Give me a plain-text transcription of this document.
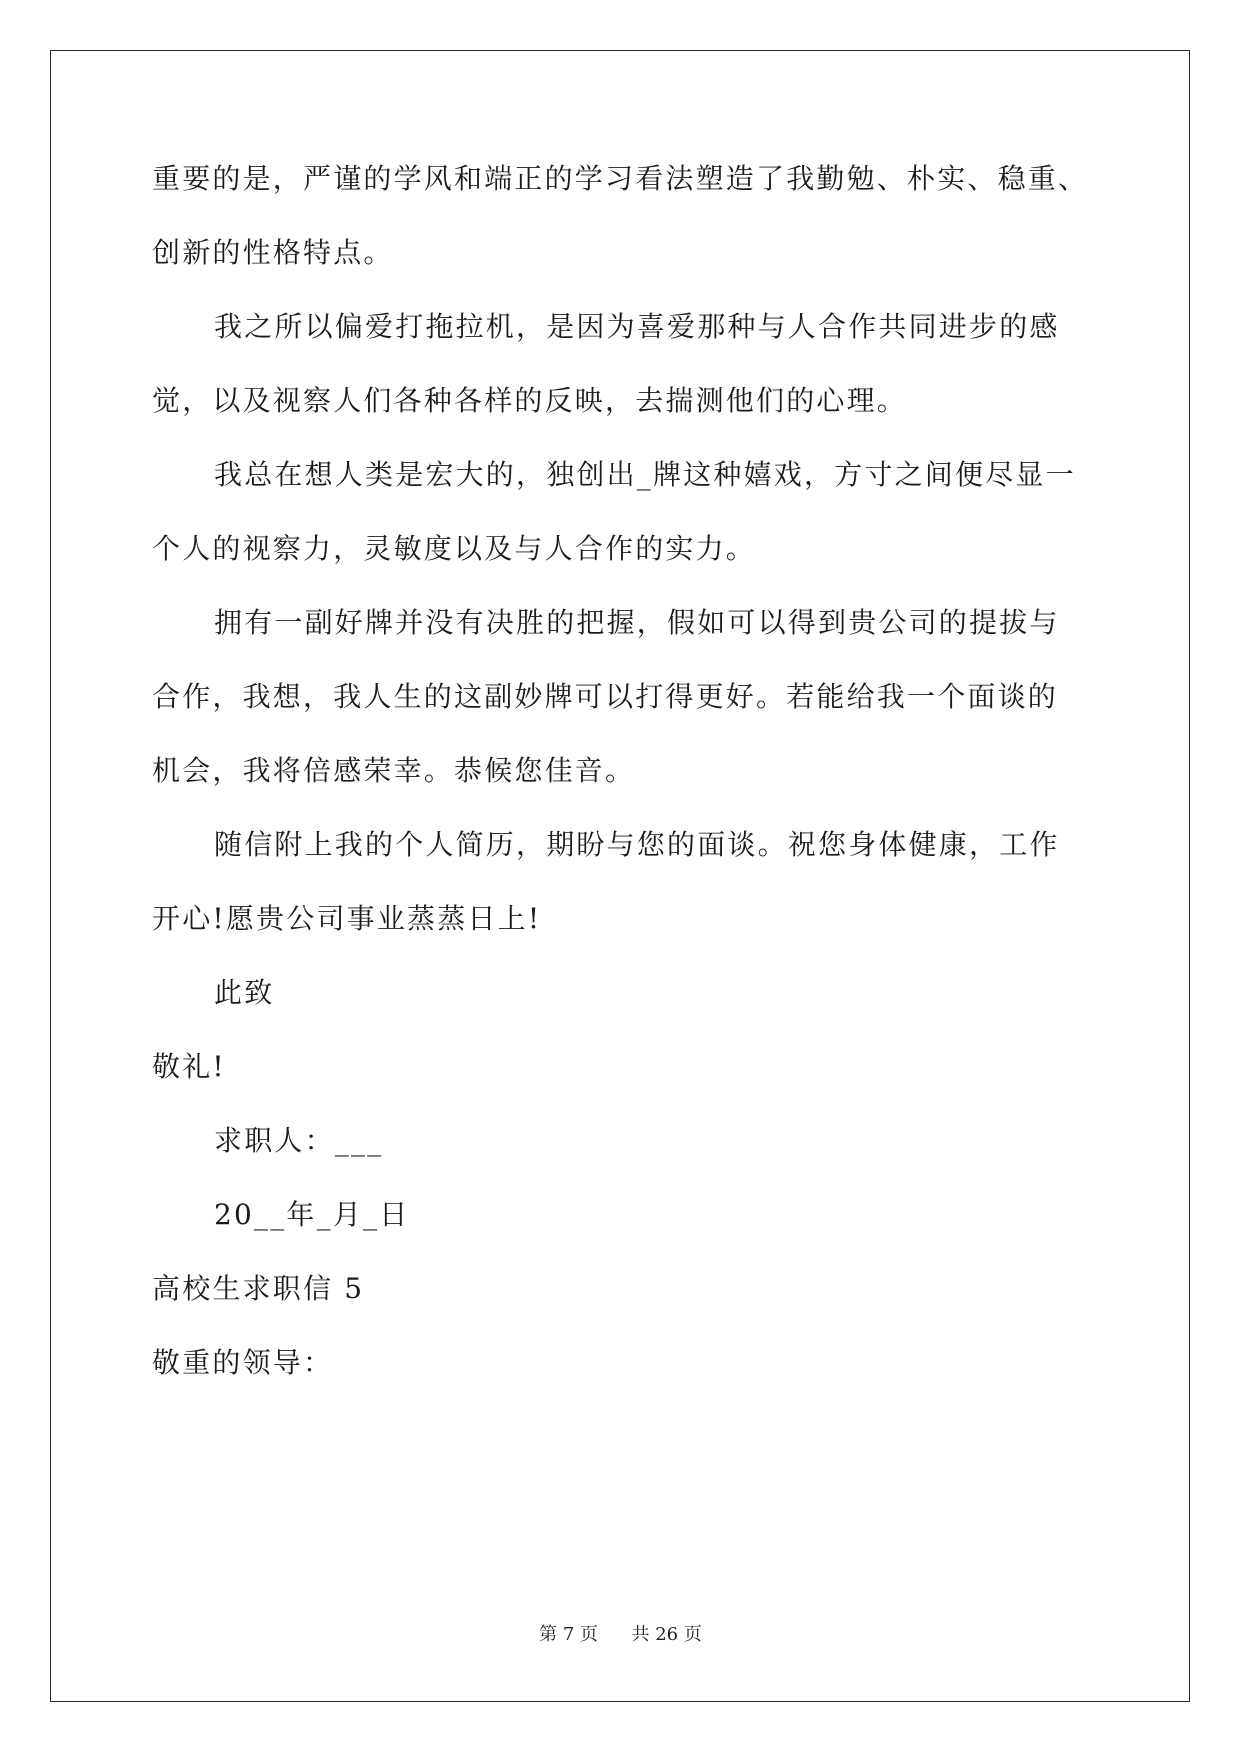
重要的是，严谨的学风和端正的学习看法塑造了我勤勉、朴实、稳重、
创新的性格特点。
我之所以偏爱打拖拉机，是因为喜爱那种与人合作共同进步的感
觉，以及视察人们各种各样的反映，去揣测他们的心理。
我总在想人类是宏大的，独创出_牌这种嬉戏，方寸之间便尽显一
个人的视察力，灵敏度以及与人合作的实力。
拥有一副好牌并没有决胜的把握，假如可以得到贵公司的提拔与
合作，我想，我人生的这副妙牌可以打得更好。若能给我一个面谈的
机会，我将倍感荣幸。恭候您佳音。
随信附上我的个人简历，期盼与您的面谈。祝您身体健康，工作
开心!愿贵公司事业蒸蒸日上!
此致
敬礼!
求职人：___
20__年_月_日
高校生求职信 5
敬重的领导：
第 7 页 共 26 页
